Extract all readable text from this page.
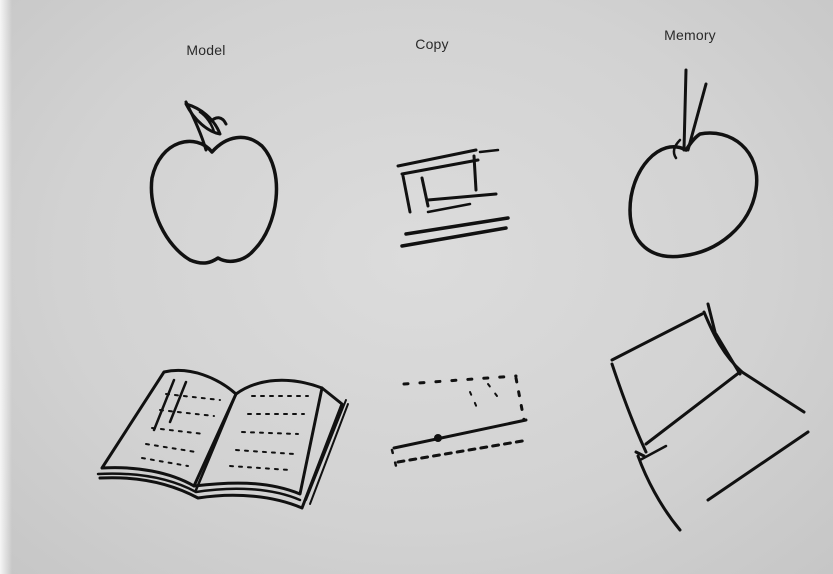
Model	Copy
Memory
